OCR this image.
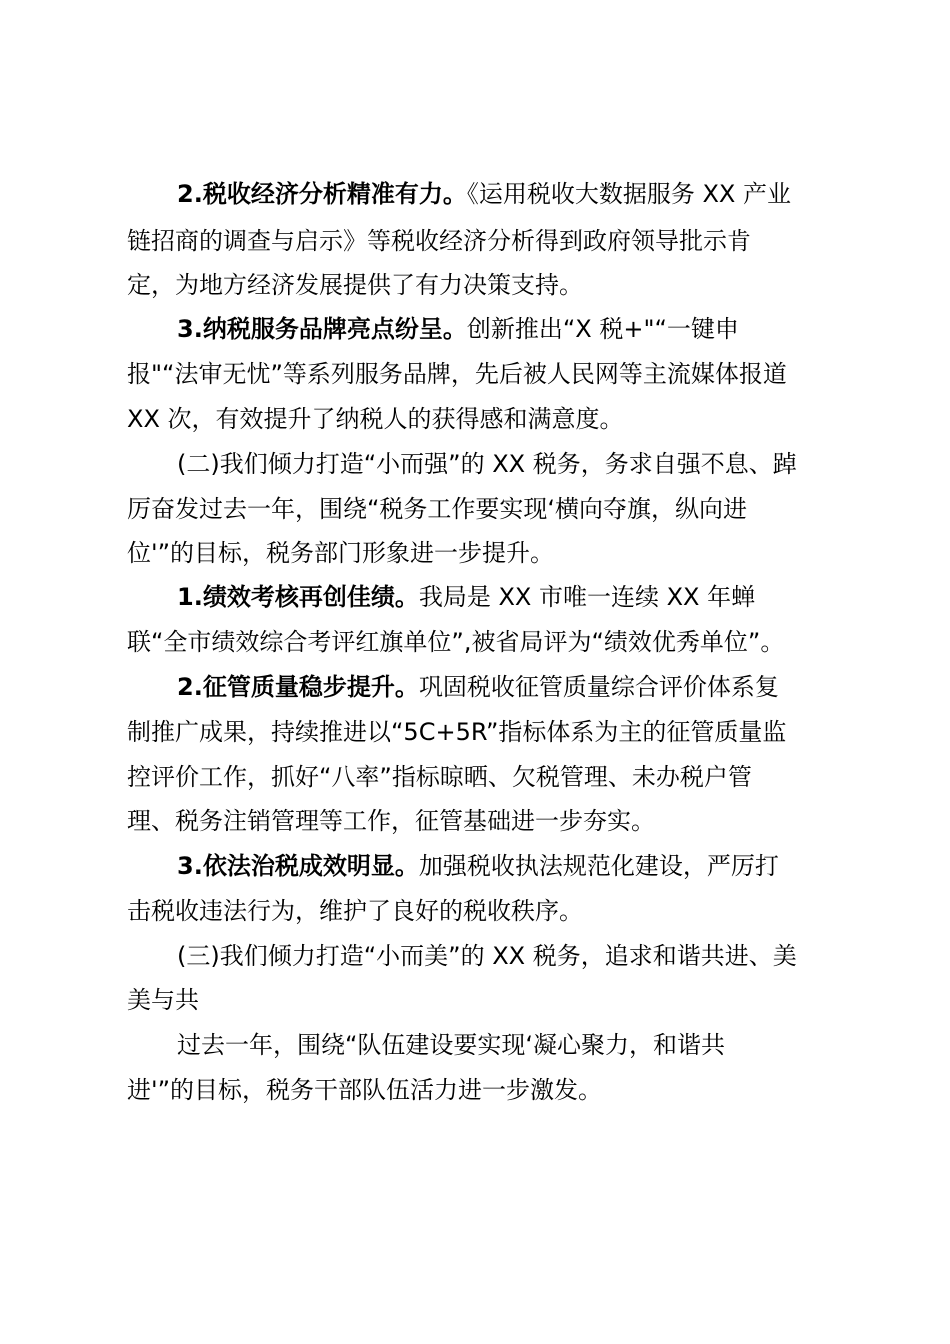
2.税收经济分析精准有力。《运用税收大数据服务 XX 产业
链招商的调查与启示》等税收经济分析得到政府领导批示肯
定，为地方经济发展提供了有力决策支持。
3.纳税服务品牌亮点纷呈。创新推出“X 税+"“一键申
报"“法审无忧”等系列服务品牌，先后被人民网等主流媒体报道
XX 次，有效提升了纳税人的获得感和满意度。
(二)我们倾力打造“小而强”的 XX 税务，务求自强不息、踔
厉奋发过去一年，围绕“税务工作要实现‘横向夺旗，纵向进
位'”的目标，税务部门形象进一步提升。
1.绩效考核再创佳绩。我局是 XX 市唯一连续 XX 年蝉
联“全市绩效综合考评红旗单位”,被省局评为“绩效优秀单位”。
2.征管质量稳步提升。巩固税收征管质量综合评价体系复
制推广成果，持续推进以“5C+5R”指标体系为主的征管质量监
控评价工作，抓好“八率”指标晾晒、欠税管理、未办税户管
理、税务注销管理等工作，征管基础进一步夯实。
3.依法治税成效明显。加强税收执法规范化建设，严厉打
击税收违法行为，维护了良好的税收秩序。
(三)我们倾力打造“小而美”的 XX 税务，追求和谐共进、美
美与共
过去一年，围绕“队伍建设要实现‘凝心聚力，和谐共
进'”的目标，税务干部队伍活力进一步激发。
